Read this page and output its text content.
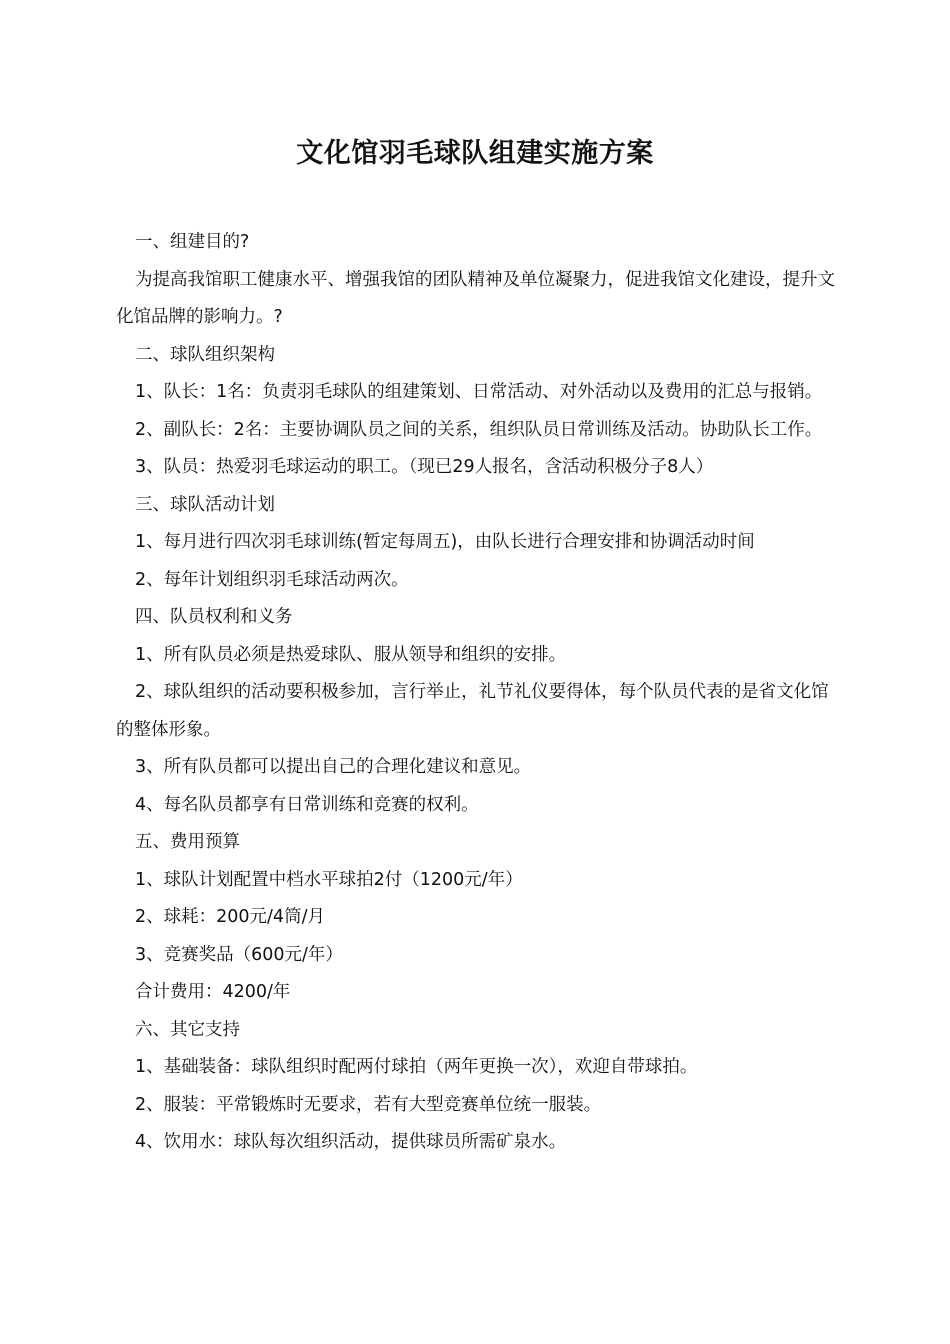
文化馆羽毛球队组建实施方案

一、组建目的?

为提高我馆职工健康水平、增强我馆的团队精神及单位凝聚力，促进我馆文化建设，提升文化馆品牌的影响力。?

二、球队组织架构

1、队长：1名：负责羽毛球队的组建策划、日常活动、对外活动以及费用的汇总与报销。

2、副队长：2名：主要协调队员之间的关系，组织队员日常训练及活动。协助队长工作。

3、队员：热爱羽毛球运动的职工。（现已29人报名，含活动积极分子8人）

三、球队活动计划

1、每月进行四次羽毛球训练(暂定每周五)，由队长进行合理安排和协调活动时间

2、每年计划组织羽毛球活动两次。

四、队员权利和义务

1、所有队员必须是热爱球队、服从领导和组织的安排。

2、球队组织的活动要积极参加，言行举止，礼节礼仪要得体，每个队员代表的是省文化馆的整体形象。

3、所有队员都可以提出自己的合理化建议和意见。

4、每名队员都享有日常训练和竞赛的权利。

五、费用预算

1、球队计划配置中档水平球拍2付（1200元/年）

2、球耗：200元/4筒/月

3、竞赛奖品（600元/年）

合计费用：4200/年

六、其它支持

1、基础装备：球队组织时配两付球拍（两年更换一次），欢迎自带球拍。

2、服装：平常锻炼时无要求，若有大型竞赛单位统一服装。

4、饮用水：球队每次组织活动，提供球员所需矿泉水。
